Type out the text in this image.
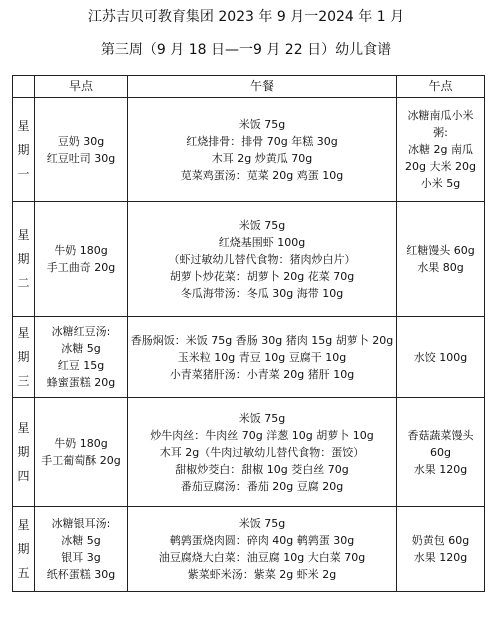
江苏吉贝可教育集团 2023 年 9 月一2024 年 1 月
第三周（9 月 18 日—一9 月 22 日）幼儿食谱
	早点	午餐	午点

星
期
一	豆奶 30g
红豆吐司 30g	米饭 75g
红烧排骨：排骨 70g 年糕 30g
木耳 2g 炒黄瓜 70g
苋菜鸡蛋汤：苋菜 20g 鸡蛋 10g	冰糖南瓜小米
粥:
冰糖 2g 南瓜
20g 大米 20g
小米 5g

星
期
二	牛奶 180g
手工曲奇 20g	米饭 75g
红烧基围虾 100g
（虾过敏幼儿替代食物：猪肉炒白片）
胡萝卜炒花菜：胡萝卜 20g 花菜 70g
冬瓜海带汤：冬瓜 30g 海带 10g	红糖馒头 60g
水果 80g

星
期
三	冰糖红豆汤:
冰糖 5g
红豆 15g
蜂蜜蛋糕 20g	香肠焖饭：米饭 75g 香肠 30g 猪肉 15g 胡萝卜 20g
玉米粒 10g 青豆 10g 豆腐干 10g
小青菜猪肝汤：小青菜 20g 猪肝 10g	水饺 100g

星
期
四	牛奶 180g
手工葡萄酥 20g	米饭 75g
炒牛肉丝：牛肉丝 70g 洋葱 10g 胡萝卜 10g
木耳 2g（牛肉过敏幼儿替代食物：蛋饺）
甜椒炒茭白：甜椒 10g 茭白丝 70g
番茄豆腐汤：番茄 20g 豆腐 20g	香菇蔬菜馒头
60g
水果 120g

星
期
五	冰糖银耳汤:
冰糖 5g
银耳 3g
纸杯蛋糕 30g	米饭 75g
鹌鹑蛋烧肉圆：碎肉 40g 鹌鹑蛋 30g
油豆腐烧大白菜：油豆腐 10g 大白菜 70g
紫菜虾米汤：紫菜 2g 虾米 2g	奶黄包 60g
水果 120g
